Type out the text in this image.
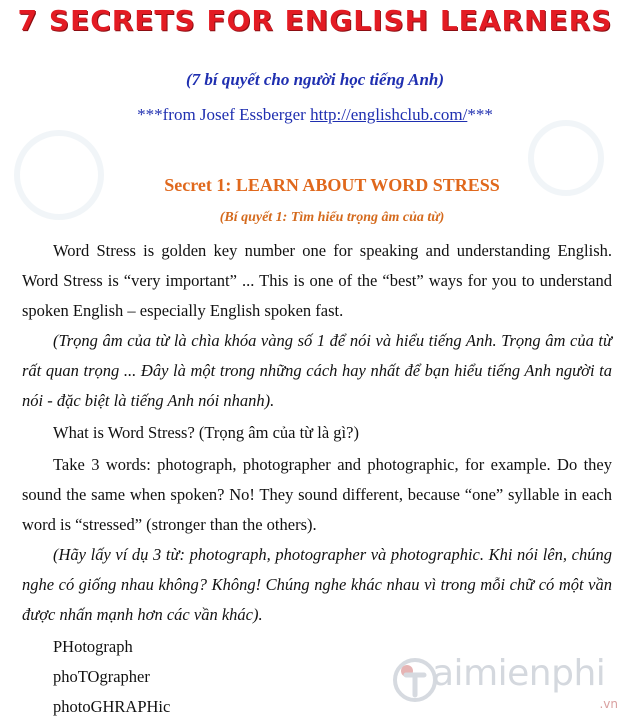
7 SECRETS FOR ENGLISH LEARNERS
(7 bí quyết cho người học tiếng Anh)
***from Josef Essberger http://englishclub.com/***
Secret 1: LEARN ABOUT WORD STRESS
(Bí quyết 1: Tìm hiểu trọng âm của từ)
Word Stress is golden key number one for speaking and understanding English. Word Stress is “very important” ... This is one of the “best” ways for you to understand spoken English – especially English spoken fast.
(Trọng âm của từ là chìa khóa vàng số 1 để nói và hiểu tiếng Anh. Trọng âm của từ rất quan trọng ... Đây là một trong những cách hay nhất để bạn hiểu tiếng Anh người ta nói - đặc biệt là tiếng Anh nói nhanh).
What is Word Stress? (Trọng âm của từ là gì?)
Take 3 words: photograph, photographer and photographic, for example. Do they sound the same when spoken? No! They sound different, because “one” syllable in each word is “stressed” (stronger than the others).
(Hãy lấy ví dụ 3 từ: photograph, photographer và photographic. Khi nói lên, chúng nghe có giống nhau không? Không! Chúng nghe khác nhau vì trong mỗi chữ có một vần được nhấn mạnh hơn các vần khác).
PHotograph
phoTOgrapher
photoGHRAPHic
aimienphi
.vn
